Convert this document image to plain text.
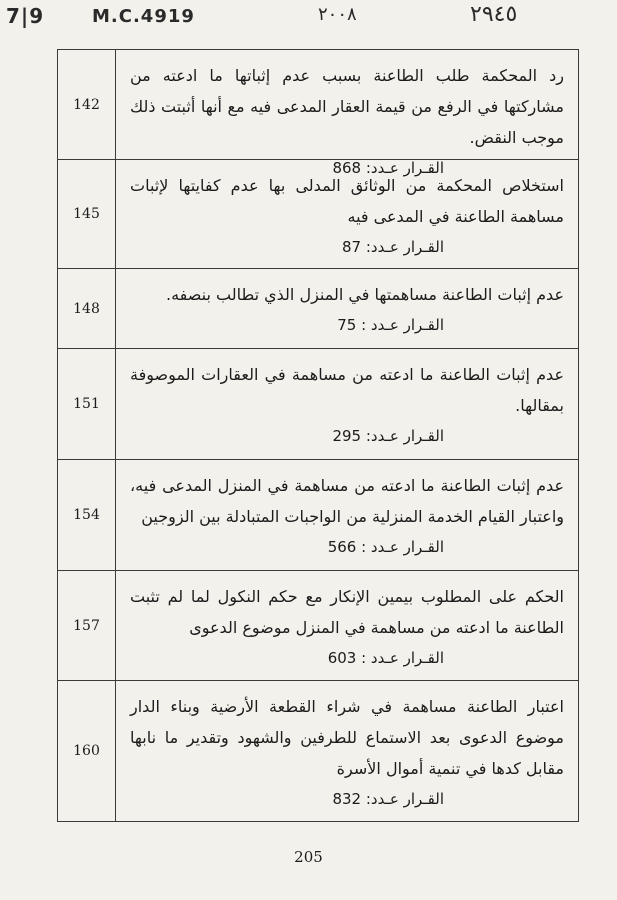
7|9	M.C.4919	٢٠٠٨	٢٩٤٥
142
رد المحكمة طلب الطاعنة بسبب عدم إثباتها ما ادعته من مشاركتها في الرفع من قيمة العقار المدعى فيه مع أنها أثبتت ذلك موجب النقض.
القـرار عـدد: 868
145
استخلاص المحكمة من الوثائق المدلى بها عدم كفايتها لإثبات مساهمة الطاعنة في المدعى فيه
القـرار عـدد: 87
148
عدم إثبات الطاعنة مساهمتها في المنزل الذي تطالب بنصفه.
القـرار عـدد : 75
151
عدم إثبات الطاعنة ما ادعته من مساهمة في العقارات الموصوفة بمقالها.
القـرار عـدد: 295
154
عدم إثبات الطاعنة ما ادعته من مساهمة في المنزل المدعى فيه، واعتبار القيام الخدمة المنزلية من الواجبات المتبادلة بين الزوجين
القـرار عـدد : 566
157
الحكم على المطلوب بيمين الإنكار مع حكم النكول لما لم تثبت الطاعنة ما ادعته من مساهمة في المنزل موضوع الدعوى
القـرار عـدد : 603
160
اعتبار الطاعنة مساهمة في شراء القطعة الأرضية وبناء الدار موضوع الدعوى بعد الاستماع للطرفين والشهود وتقدير ما نابها مقابل كدها في تنمية أموال الأسرة
القـرار عـدد: 832
205
